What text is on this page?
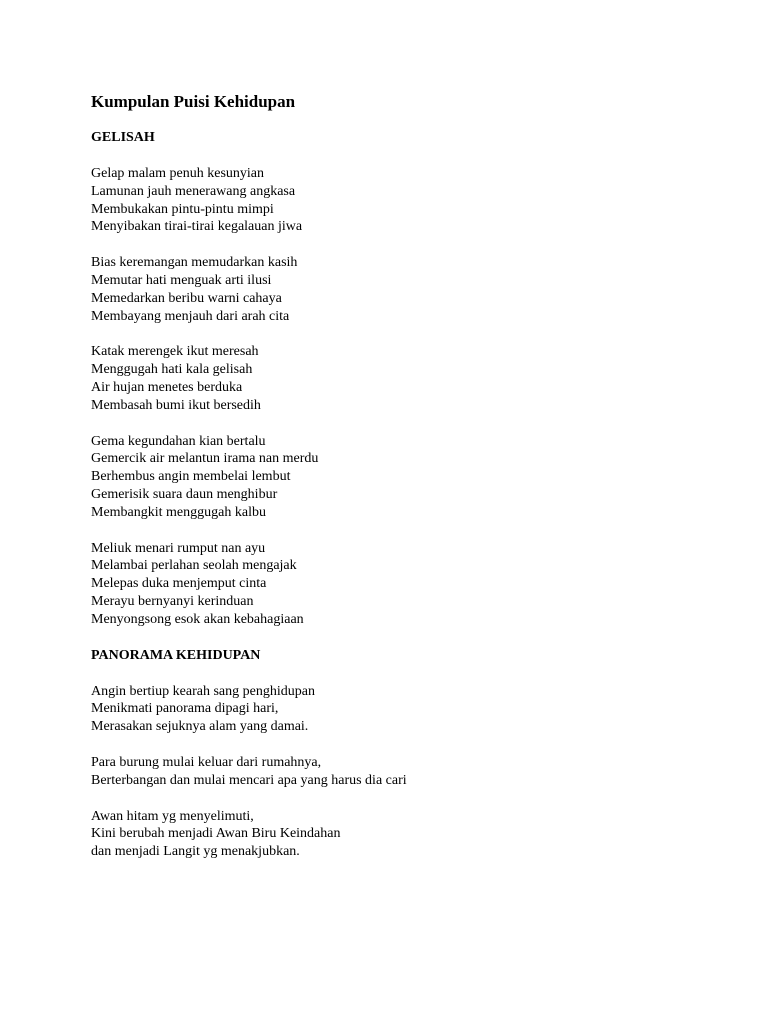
Kumpulan Puisi Kehidupan
GELISAH
Gelap malam penuh kesunyian
Lamunan jauh menerawang angkasa
Membukakan pintu-pintu mimpi
Menyibakan tirai-tirai kegalauan jiwa
Bias keremangan memudarkan kasih
Memutar hati menguak arti ilusi
Memedarkan beribu warni cahaya
Membayang menjauh dari arah cita
Katak merengek ikut meresah
Menggugah hati kala gelisah
Air hujan menetes berduka
Membasah bumi ikut bersedih
Gema kegundahan kian bertalu
Gemercik air melantun irama nan merdu
Berhembus angin membelai lembut
Gemerisik suara daun menghibur
Membangkit menggugah kalbu
Meliuk menari rumput nan ayu
Melambai perlahan seolah mengajak
Melepas duka menjemput cinta
Merayu bernyanyi kerinduan
Menyongsong esok akan kebahagiaan
PANORAMA KEHIDUPAN
Angin bertiup kearah sang penghidupan
Menikmati panorama dipagi hari,
Merasakan sejuknya alam yang damai.
Para burung mulai keluar dari rumahnya,
Berterbangan dan mulai mencari apa yang harus dia cari
Awan hitam yg menyelimuti,
Kini berubah menjadi Awan Biru Keindahan
dan menjadi Langit yg menakjubkan.
